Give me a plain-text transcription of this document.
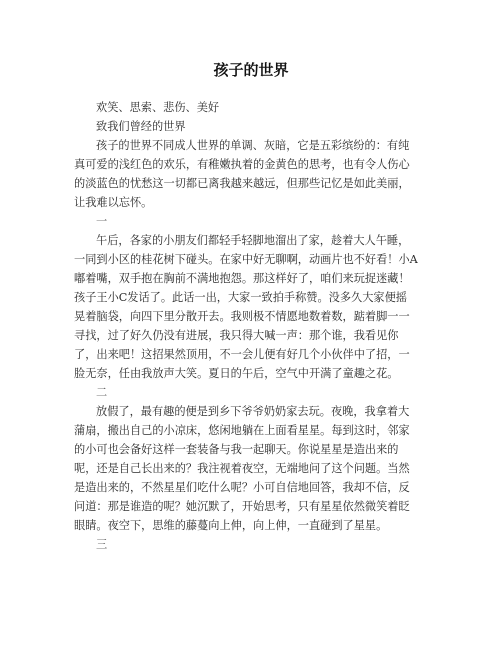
孩子的世界
欢笑、思索、悲伤、美好
致我们曾经的世界
孩子的世界不同成人世界的单调、灰暗，它是五彩缤纷的：有纯
真可爱的浅红色的欢乐，有稚嫩执着的金黄色的思考，也有令人伤心
的淡蓝色的忧愁这一切都已离我越来越远，但那些记忆是如此美丽，
让我难以忘怀。
一
午后，各家的小朋友们都轻手轻脚地溜出了家，趁着大人午睡，
一同到小区的桂花树下碰头。在家中好无聊啊，动画片也不好看！小A
嘟着嘴，双手抱在胸前不满地抱怨。那这样好了，咱们来玩捉迷藏！
孩子王小C发话了。此话一出，大家一致拍手称赞。没多久大家便摇
晃着脑袋，向四下里分散开去。我则极不情愿地数着数，踮着脚一一
寻找，过了好久仍没有进展，我只得大喊一声：那个谁，我看见你
了，出来吧！这招果然顶用，不一会儿便有好几个小伙伴中了招，一
脸无奈，任由我放声大笑。夏日的午后，空气中开满了童趣之花。
二
放假了，最有趣的便是到乡下爷爷奶奶家去玩。夜晚，我拿着大
蒲扇，搬出自己的小凉床，悠闲地躺在上面看星星。每到这时，邻家
的小可也会备好这样一套装备与我一起聊天。你说星星是造出来的
呢，还是自己长出来的？我注视着夜空，无端地问了这个问题。当然
是造出来的，不然星星们吃什么呢？小可自信地回答，我却不信，反
问道：那是谁造的呢？她沉默了，开始思考，只有星星依然微笑着眨
眼睛。夜空下，思维的藤蔓向上伸，向上伸，一直碰到了星星。
三
